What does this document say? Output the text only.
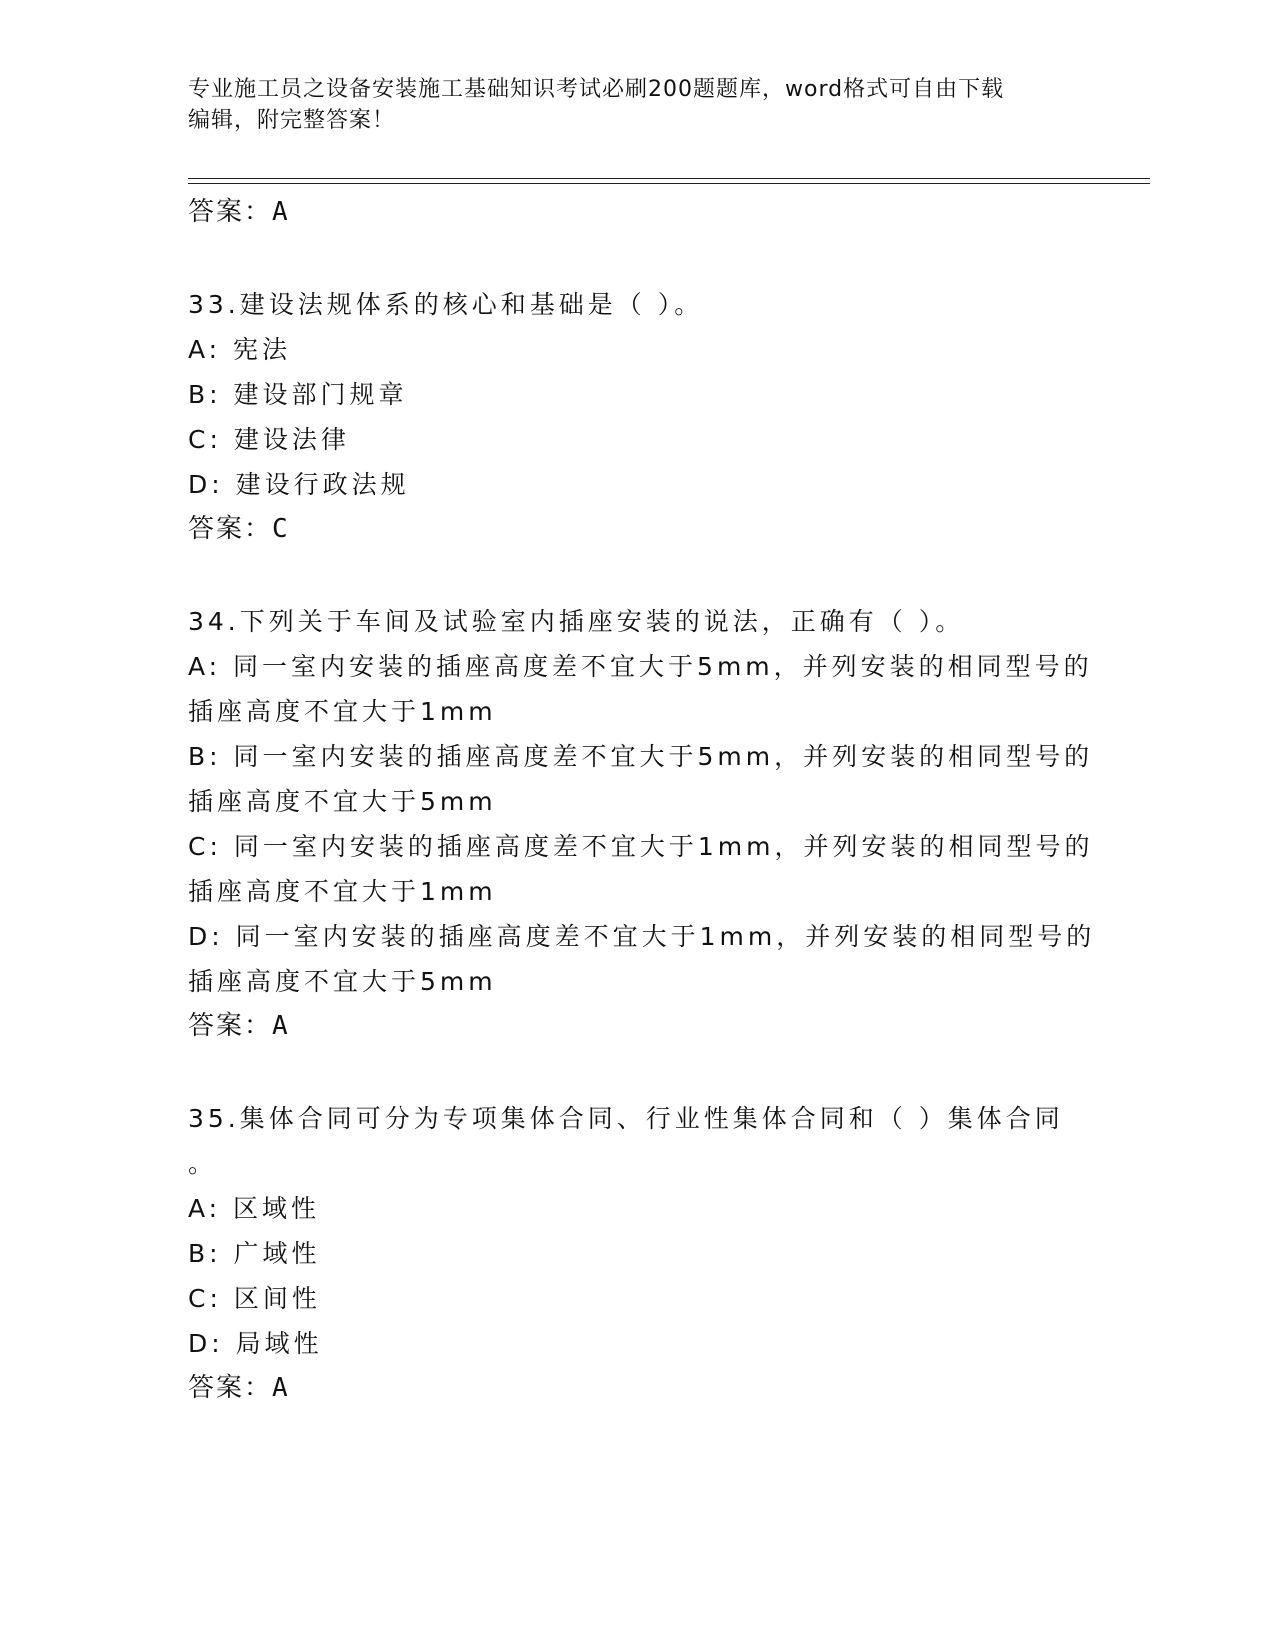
专业施工员之设备安装施工基础知识考试必刷200题题库，word格式可自由下载
编辑，附完整答案！
答案：A
33.建设法规体系的核心和基础是（ ）。
A: 宪法
B: 建设部门规章
C: 建设法律
D: 建设行政法规
答案：C
34.下列关于车间及试验室内插座安装的说法，正确有（ ）。
A: 同一室内安装的插座高度差不宜大于5mm，并列安装的相同型号的
插座高度不宜大于1mm
B: 同一室内安装的插座高度差不宜大于5mm，并列安装的相同型号的
插座高度不宜大于5mm
C: 同一室内安装的插座高度差不宜大于1mm，并列安装的相同型号的
插座高度不宜大于1mm
D: 同一室内安装的插座高度差不宜大于1mm，并列安装的相同型号的
插座高度不宜大于5mm
答案：A
35.集体合同可分为专项集体合同、行业性集体合同和（ ）集体合同
。
A: 区域性
B: 广域性
C: 区间性
D: 局域性
答案：A
